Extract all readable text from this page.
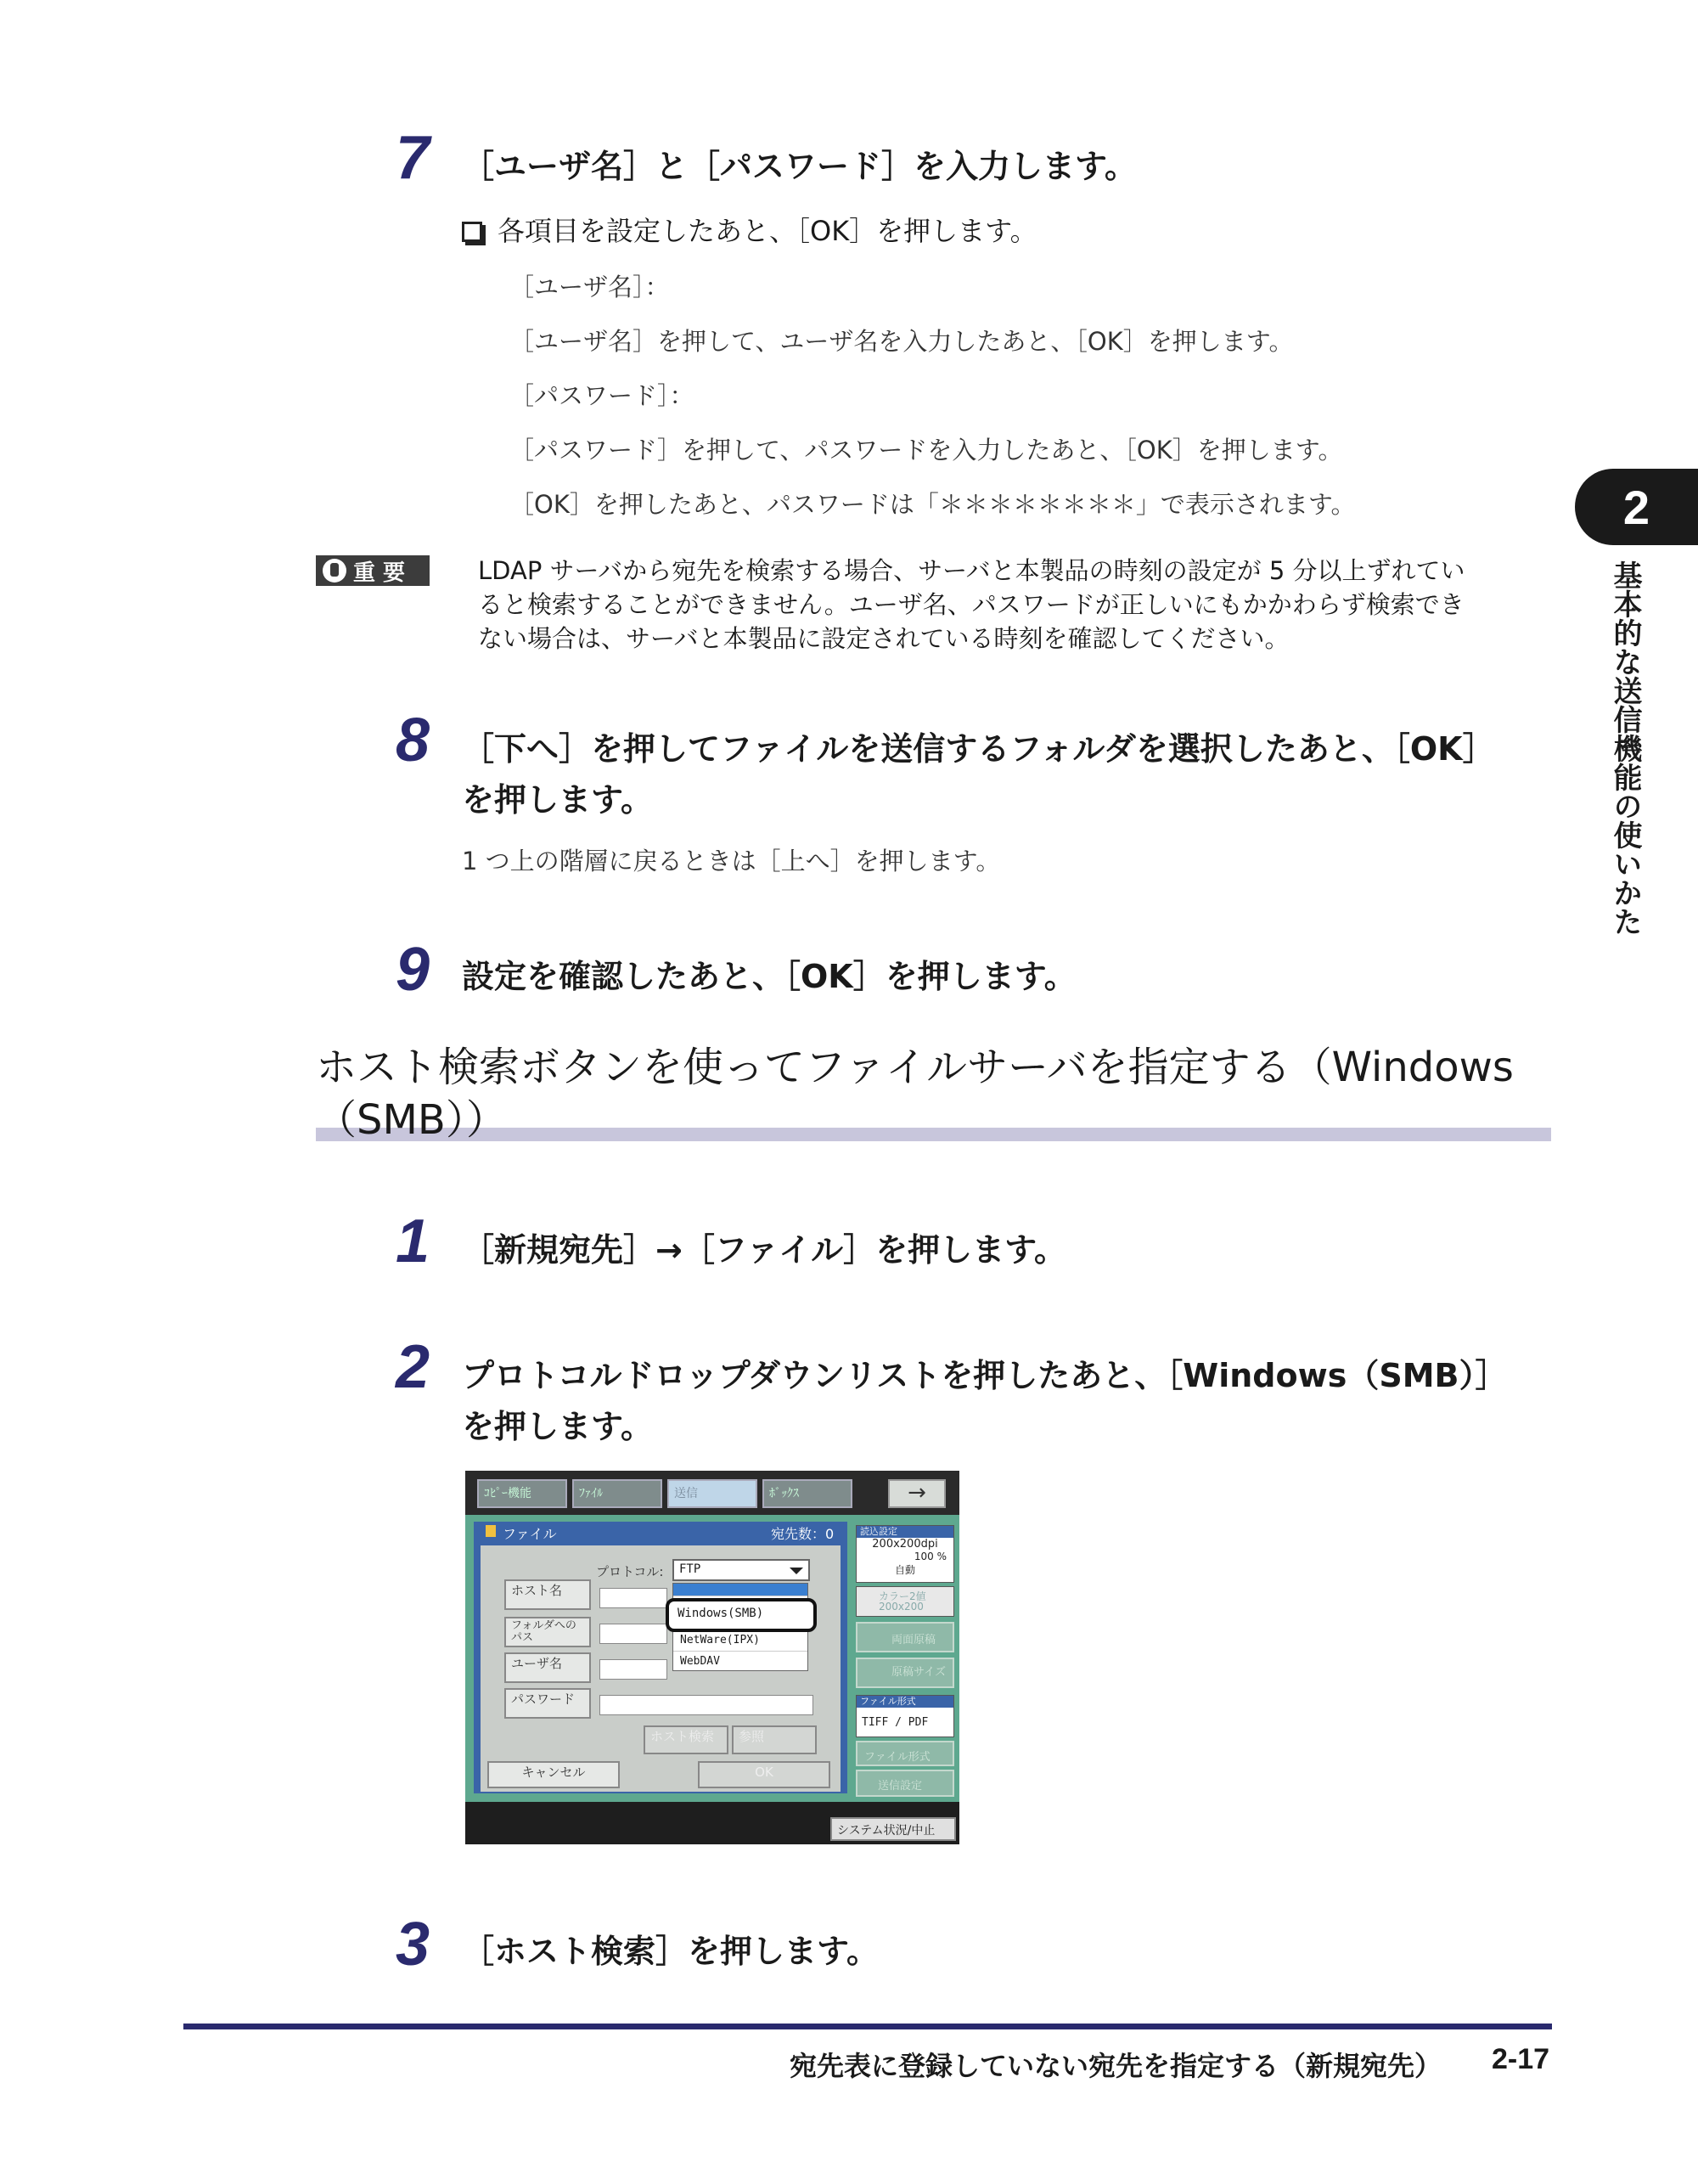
2
基本的な送信機能の使いかた
7 ［ユーザ名］と［パスワード］を入力します。
各項目を設定したあと、［OK］を押します。
［ユーザ名］：
［ユーザ名］を押して、ユーザ名を入力したあと、［OK］を押します。
［パスワード］：
［パスワード］を押して、パスワードを入力したあと、［OK］を押します。
［OK］を押したあと、パスワードは「＊＊＊＊＊＊＊＊」で表示されます。
重 要	LDAP サーバから宛先を検索する場合、サーバと本製品の時刻の設定が 5 分以上ずれてい
ると検索することができません。ユーザ名、パスワードが正しいにもかかわらず検索でき
ない場合は、サーバと本製品に設定されている時刻を確認してください。
8 ［下へ］を押してファイルを送信するフォルダを選択したあと、［OK］
を押します。
1 つ上の階層に戻るときは［上へ］を押します。
9 設定を確認したあと、［OK］を押します。
ホスト検索ボタンを使ってファイルサーバを指定する（Windows
（SMB））
1 ［新規宛先］→［ファイル］を押します。
2 プロトコルドロップダウンリストを押したあと、［Windows（SMB）］
を押します。
ｺﾋﾟｰ機能	ﾌｧｲﾙ	送信	ﾎﾞｯｸｽ	→
ファイル	宛先数：0
プロトコル:	FTP
ホスト名
フォルダへのパス
ユーザ名
パスワード
FTP
NetWare(IPX)
WebDAV
Windows(SMB)
ホスト検索	参照
キャンセル	OK
読込設定
200x200dpi
100 %
自動
カラー2値
200x200
両面原稿
原稿サイズ
ファイル形式
TIFF / PDF
ファイル形式
送信設定
システム状況/中止
3 ［ホスト検索］を押します。
宛先表に登録していない宛先を指定する（新規宛先） 2-17
